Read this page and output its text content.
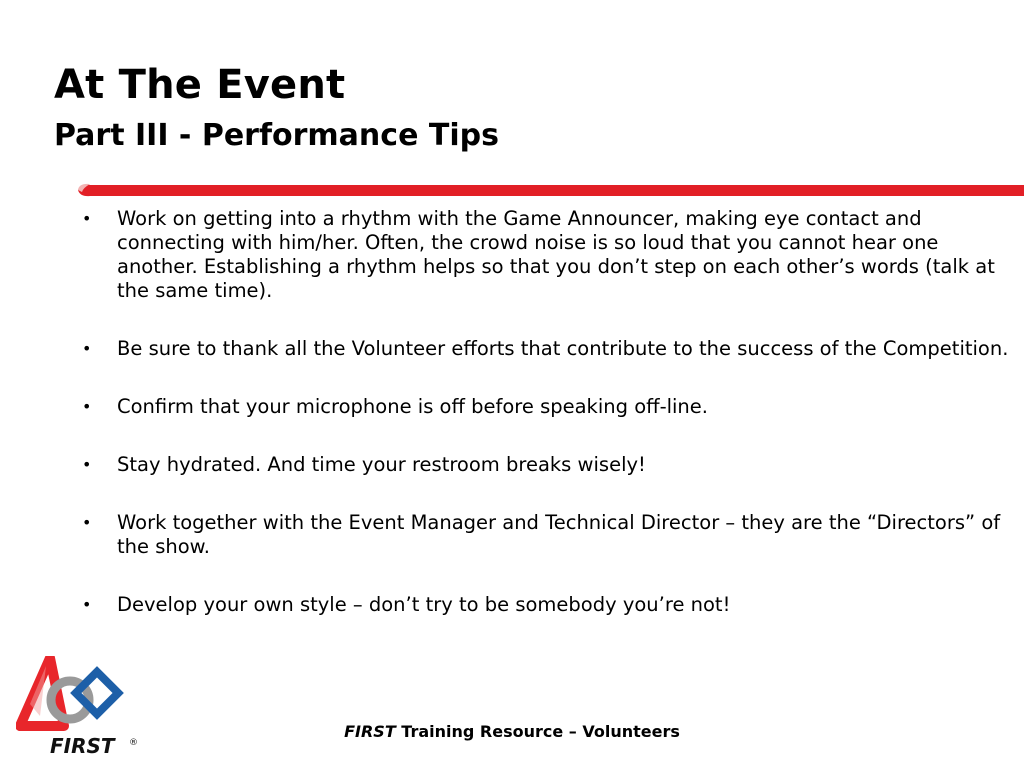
At The Event
Part III - Performance Tips
• Work on getting into a rhythm with the Game Announcer, making eye contact and connecting with him/her. Often, the crowd noise is so loud that you cannot hear one another. Establishing a rhythm helps so that you don’t step on each other’s words (talk at the same time).
• Be sure to thank all the Volunteer efforts that contribute to the success of the Competition.
• Confirm that your microphone is off before speaking off-line.
• Stay hydrated. And time your restroom breaks wisely!
• Work together with the Event Manager and Technical Director – they are the “Directors” of the show.
• Develop your own style – don’t try to be somebody you’re not!
FIRST ®
FIRST Training Resource – Volunteers
